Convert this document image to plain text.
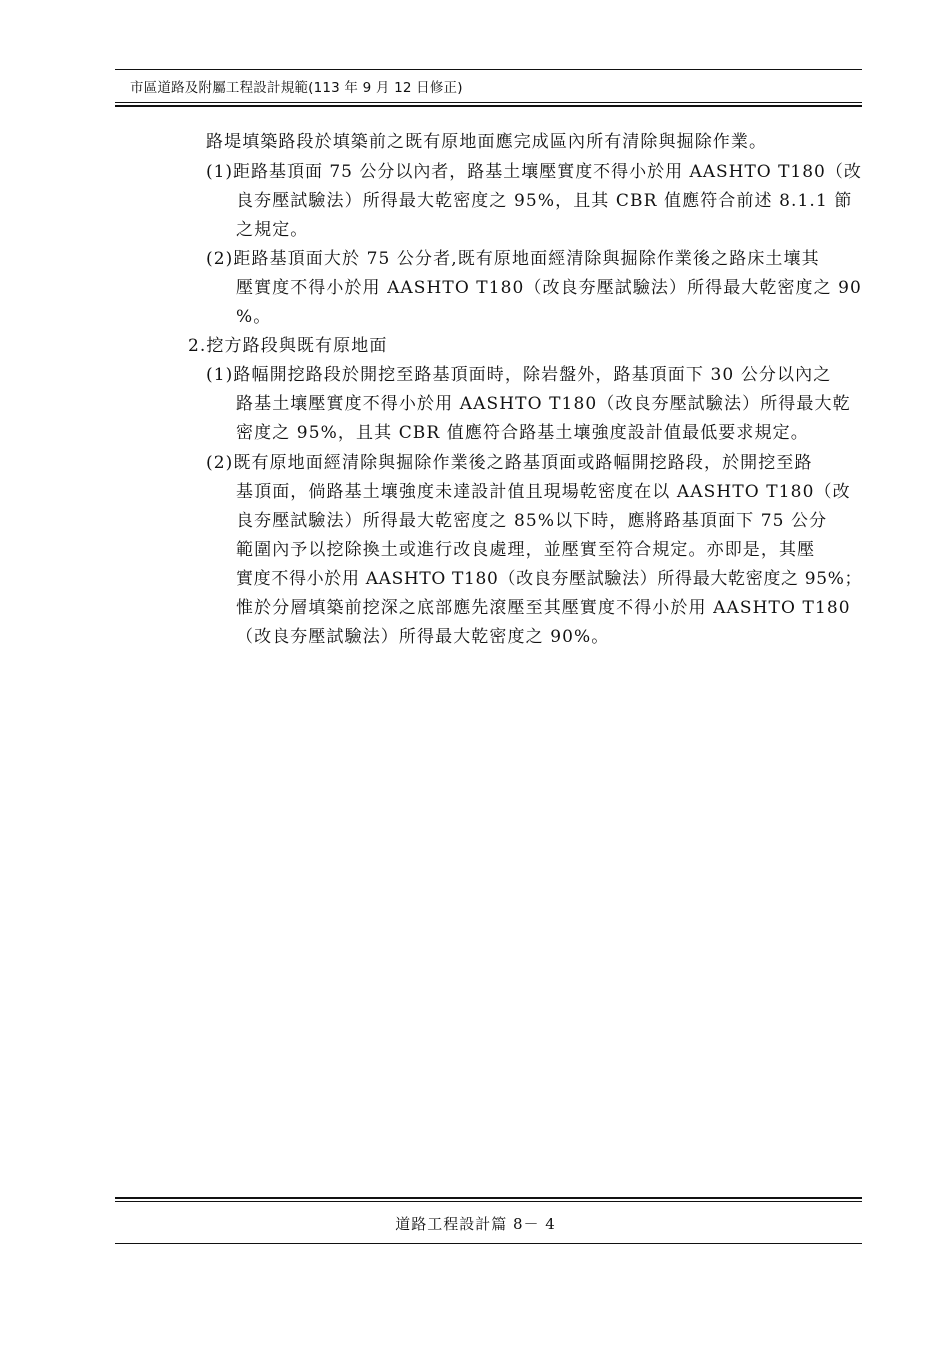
市區道路及附屬工程設計規範(113 年 9 月 12 日修正)
路堤填築路段於填築前之既有原地面應完成區內所有清除與掘除作業。
(1)距路基頂面 75 公分以內者，路基土壤壓實度不得小於用 AASHTO T180（改
良夯壓試驗法）所得最大乾密度之 95%，且其 CBR 值應符合前述 8.1.1 節
之規定。
(2)距路基頂面大於 75 公分者,既有原地面經清除與掘除作業後之路床土壤其
壓實度不得小於用 AASHTO T180（改良夯壓試驗法）所得最大乾密度之 90
%。
2.挖方路段與既有原地面
(1)路幅開挖路段於開挖至路基頂面時，除岩盤外，路基頂面下 30 公分以內之
路基土壤壓實度不得小於用 AASHTO T180（改良夯壓試驗法）所得最大乾
密度之 95%，且其 CBR 值應符合路基土壤強度設計值最低要求規定。
(2)既有原地面經清除與掘除作業後之路基頂面或路幅開挖路段，於開挖至路
基頂面，倘路基土壤強度未達設計值且現場乾密度在以 AASHTO T180（改
良夯壓試驗法）所得最大乾密度之 85%以下時，應將路基頂面下 75 公分
範圍內予以挖除換土或進行改良處理，並壓實至符合規定。亦即是，其壓
實度不得小於用 AASHTO T180（改良夯壓試驗法）所得最大乾密度之 95%；
惟於分層填築前挖深之底部應先滾壓至其壓實度不得小於用 AASHTO T180
（改良夯壓試驗法）所得最大乾密度之 90%。
道路工程設計篇 8－ 4
